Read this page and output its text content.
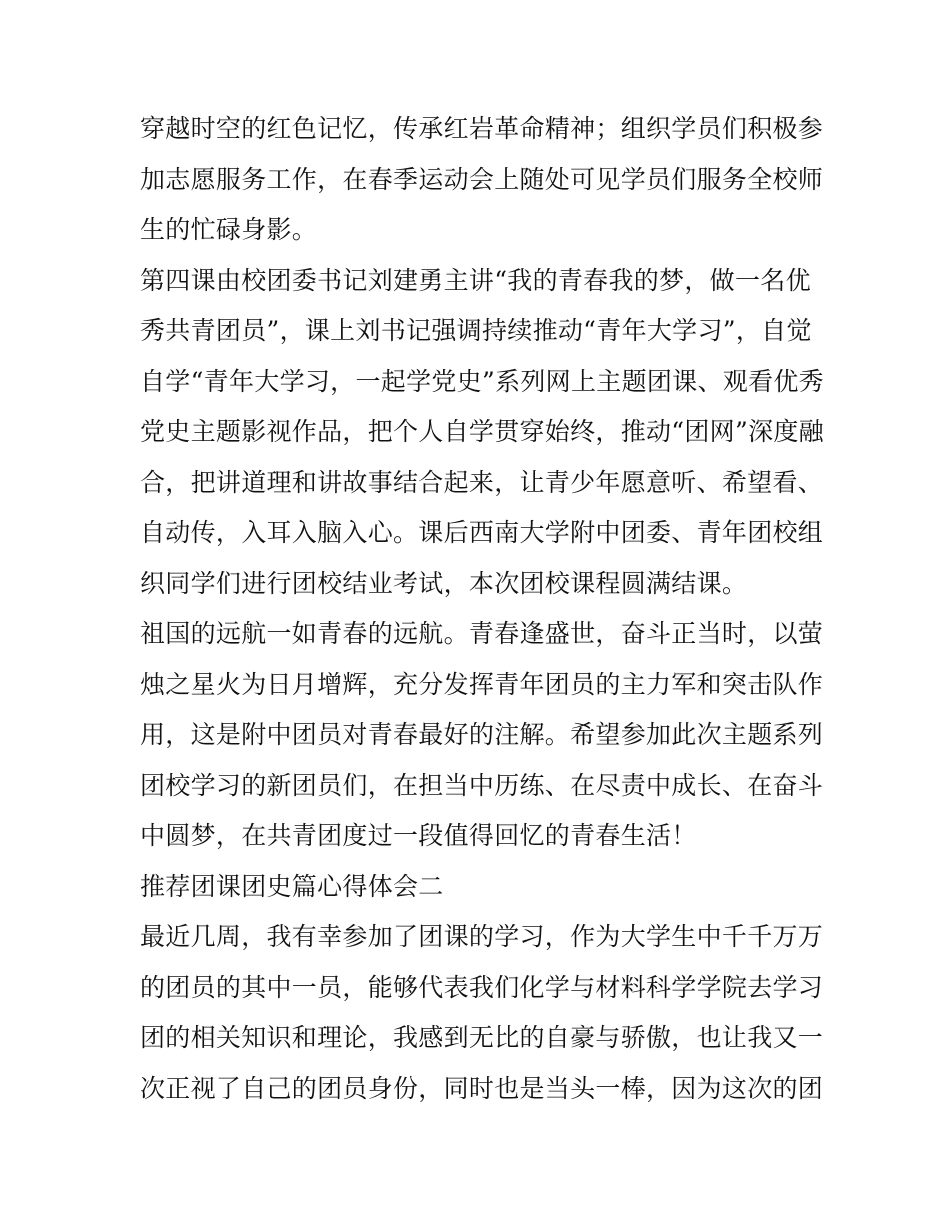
穿越时空的红色记忆，传承红岩革命精神；组织学员们积极参
加志愿服务工作，在春季运动会上随处可见学员们服务全校师
生的忙碌身影。
第四课由校团委书记刘建勇主讲“我的青春我的梦，做一名优
秀共青团员”，课上刘书记强调持续推动“青年大学习”，自觉
自学“青年大学习，一起学党史”系列网上主题团课、观看优秀
党史主题影视作品，把个人自学贯穿始终，推动“团网”深度融
合，把讲道理和讲故事结合起来，让青少年愿意听、希望看、
自动传，入耳入脑入心。课后西南大学附中团委、青年团校组
织同学们进行团校结业考试，本次团校课程圆满结课。
祖国的远航一如青春的远航。青春逢盛世，奋斗正当时，以萤
烛之星火为日月增辉，充分发挥青年团员的主力军和突击队作
用，这是附中团员对青春最好的注解。希望参加此次主题系列
团校学习的新团员们，在担当中历练、在尽责中成长、在奋斗
中圆梦，在共青团度过一段值得回忆的青春生活！
推荐团课团史篇心得体会二
最近几周，我有幸参加了团课的学习，作为大学生中千千万万
的团员的其中一员，能够代表我们化学与材料科学学院去学习
团的相关知识和理论，我感到无比的自豪与骄傲，也让我又一
次正视了自己的团员身份，同时也是当头一棒，因为这次的团
